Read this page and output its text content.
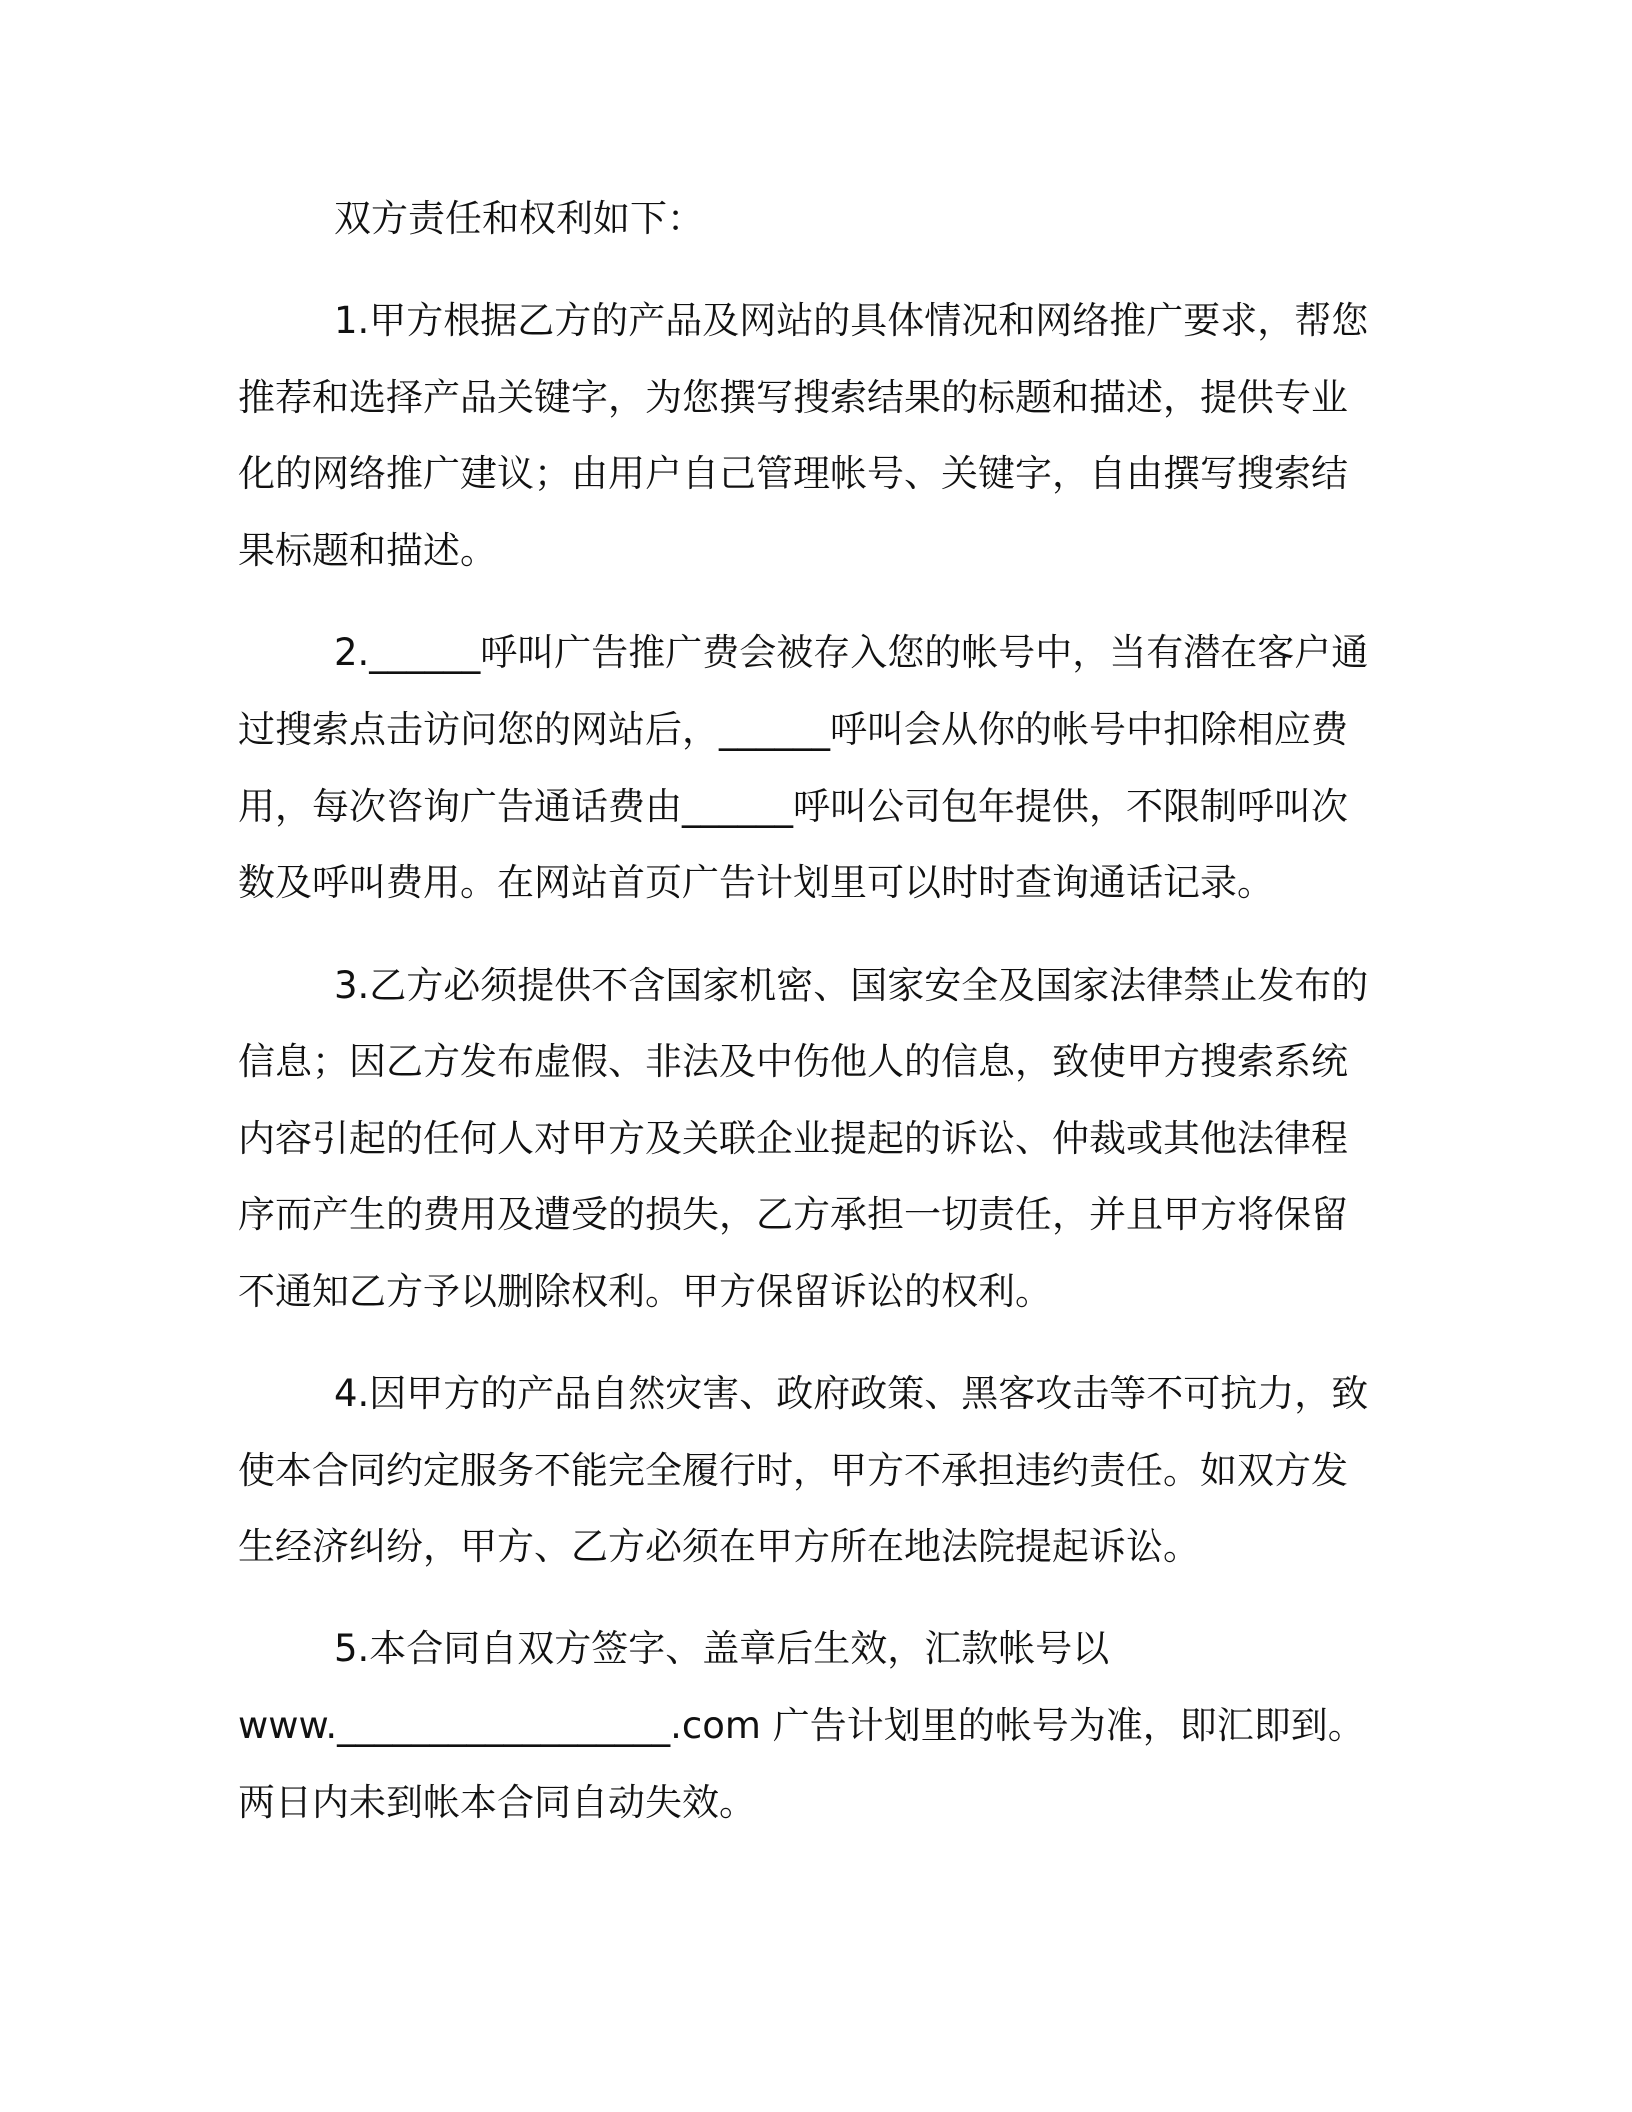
双方责任和权利如下：
1.甲方根据乙方的产品及网站的具体情况和网络推广要求，帮您
推荐和选择产品关键字，为您撰写搜索结果的标题和描述，提供专业
化的网络推广建议；由用户自己管理帐号、关键字，自由撰写搜索结
果标题和描述。
2.______呼叫广告推广费会被存入您的帐号中，当有潜在客户通
过搜索点击访问您的网站后，______呼叫会从你的帐号中扣除相应费
用，每次咨询广告通话费由______呼叫公司包年提供，不限制呼叫次
数及呼叫费用。在网站首页广告计划里可以时时查询通话记录。
3.乙方必须提供不含国家机密、国家安全及国家法律禁止发布的
信息；因乙方发布虚假、非法及中伤他人的信息，致使甲方搜索系统
内容引起的任何人对甲方及关联企业提起的诉讼、仲裁或其他法律程
序而产生的费用及遭受的损失，乙方承担一切责任，并且甲方将保留
不通知乙方予以删除权利。甲方保留诉讼的权利。
4.因甲方的产品自然灾害、政府政策、黑客攻击等不可抗力，致
使本合同约定服务不能完全履行时，甲方不承担违约责任。如双方发
生经济纠纷，甲方、乙方必须在甲方所在地法院提起诉讼。
5.本合同自双方签字、盖章后生效，汇款帐号以
www.__________________.com 广告计划里的帐号为准，即汇即到。
两日内未到帐本合同自动失效。
